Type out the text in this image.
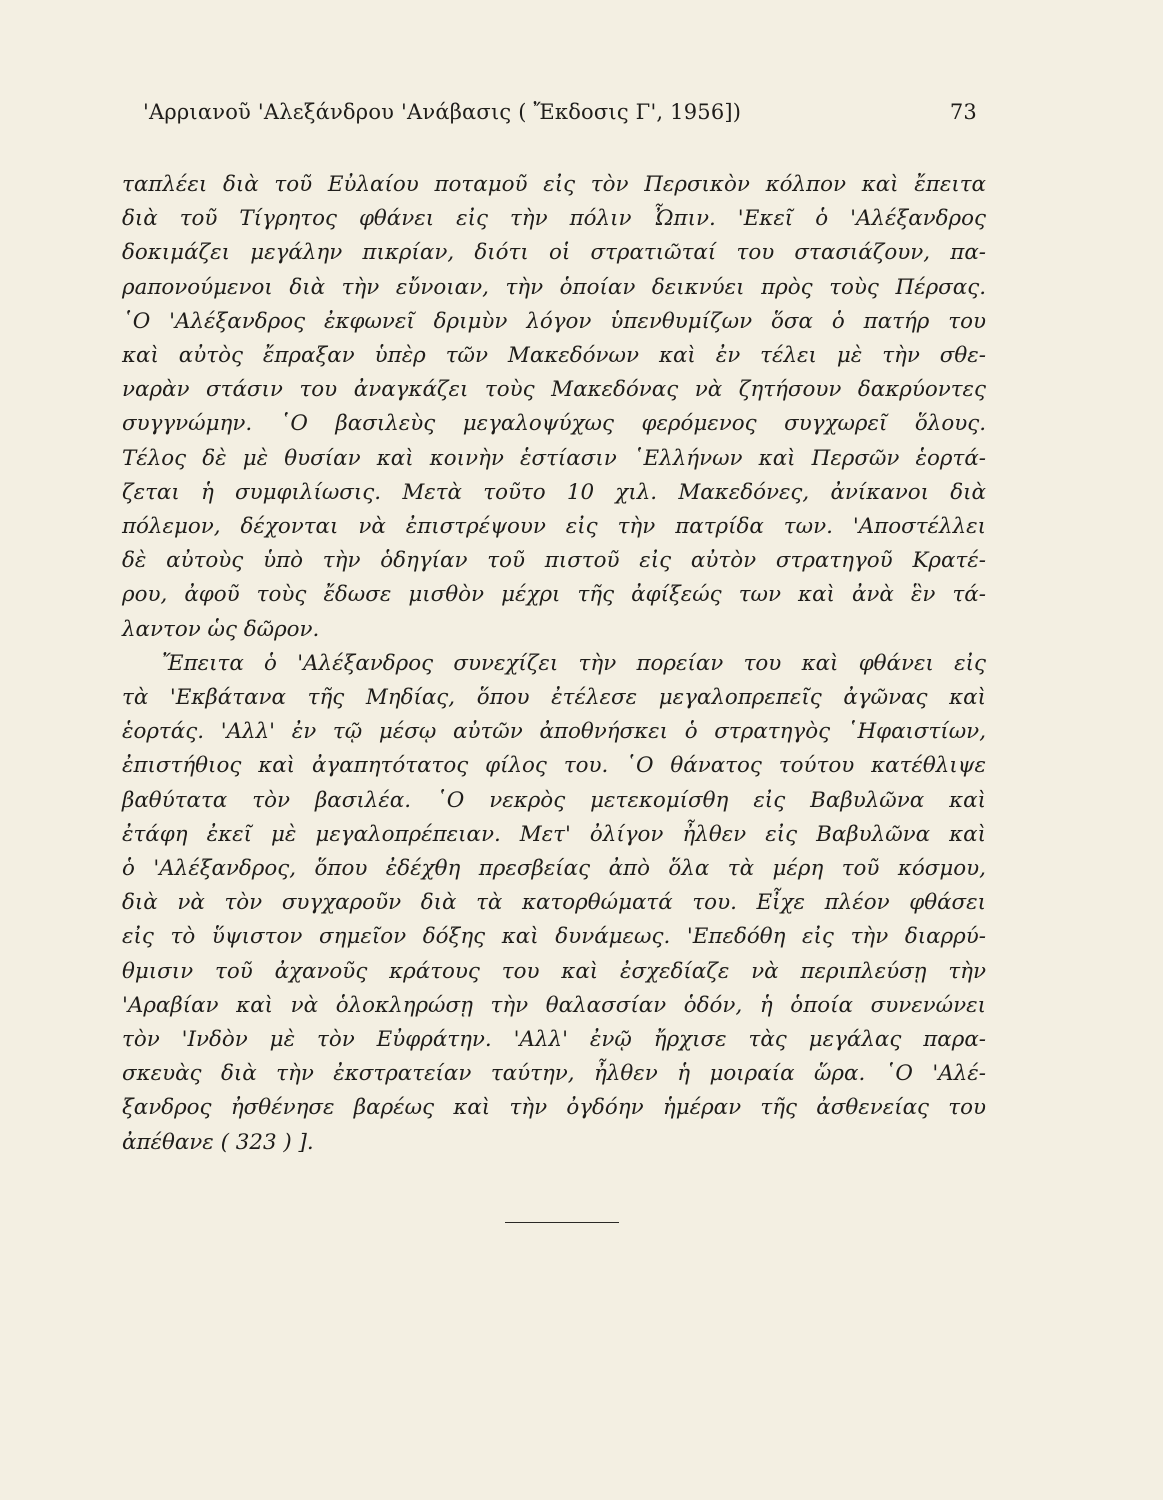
'Αρριανοῦ 'Αλεξάνδρου 'Ανάβασις ( Ἔκδοσις Γ', 1956])	73
ταπλέει διὰ τοῦ Εὐλαίου ποταμοῦ εἰς τὸν Περσικὸν κόλπον καὶ ἔπειτα
διὰ τοῦ Τίγρητος φθάνει εἰς τὴν πόλιν Ὦπιν. 'Εκεῖ ὁ 'Αλέξανδρος
δοκιμάζει μεγάλην πικρίαν, διότι οἱ στρατιῶταί του στασιάζουν, πα-
ρaπονούμενοι διὰ τὴν εὔνοιαν, τὴν ὁποίαν δεικνύει πρὸς τοὺς Πέρσας.
῾Ο 'Αλέξανδρος ἐκφωνεῖ δριμὺν λόγον ὑπενθυμίζων ὅσα ὁ πατήρ του
καὶ αὐτὸς ἔπραξαν ὑπὲρ τῶν Μακεδόνων καὶ ἐν τέλει μὲ τὴν σθε-
ναρὰν στάσιν του ἀναγκάζει τοὺς Μακεδόνας νὰ ζητήσουν δακρύοντες
συγγνώμην. ῾Ο βασιλεὺς μεγαλοψύχως φερόμενος συγχωρεῖ ὅλους.
Τέλος δὲ μὲ θυσίαν καὶ κοινὴν ἑστίασιν ῾Ελλήνων καὶ Περσῶν ἑορτά-
ζεται ἡ συμφιλίωσις. Μετὰ τοῦτο 10 χιλ. Μακεδόνες, ἀνίκανοι διὰ
πόλεμον, δέχονται νὰ ἐπιστρέψουν εἰς τὴν πατρίδα των. 'Αποστέλλει
δὲ αὐτοὺς ὑπὸ τὴν ὁδηγίαν τοῦ πιστοῦ εἰς αὐτὸν στρατηγοῦ Κρατέ-
ρου, ἀφοῦ τοὺς ἔδωσε μισθὸν μέχρι τῆς ἀφίξεώς των καὶ ἀνὰ ἓν τά-
λαντον ὡς δῶρον.
Ἔπειτα ὁ 'Αλέξανδρος συνεχίζει τὴν πορείαν του καὶ φθάνει εἰς
τὰ 'Εκβάτανα τῆς Μηδίας, ὅπου ἐτέλεσε μεγαλοπρεπεῖς ἀγῶνας καὶ
ἑορτάς. 'Αλλ' ἐν τῷ μέσῳ αὐτῶν ἀποθνήσκει ὁ στρατηγὸς ῾Ηφαιστίων,
ἐπιστήθιος καὶ ἀγαπητότατος φίλος του. ῾Ο θάνατος τούτου κατέθλιψε
βαθύτατα τὸν βασιλέα. ῾Ο νεκρὸς μετεκομίσθη εἰς Βαβυλῶνα καὶ
ἐτάφη ἐκεῖ μὲ μεγαλοπρέπειαν. Μετ' ὀλίγον ἦλθεν εἰς Βαβυλῶνα καὶ
ὁ 'Αλέξανδρος, ὅπου ἐδέχθη πρεσβείας ἀπὸ ὅλα τὰ μέρη τοῦ κόσμου,
διὰ νὰ τὸν συγχαροῦν διὰ τὰ κατορθώματά του. Εἶχε πλέον φθάσει
εἰς τὸ ὕψιστον σημεῖον δόξης καὶ δυνάμεως. 'Επεδόθη εἰς τὴν διαρρύ-
θμισιν τοῦ ἀχανοῦς κράτους του καὶ ἐσχεδίαζε νὰ περιπλεύσῃ τὴν
'Αραβίαν καὶ νὰ ὁλοκληρώσῃ τὴν θαλασσίαν ὁδόν, ἡ ὁποία συνενώνει
τὸν 'Ινδὸν μὲ τὸν Εὐφράτην. 'Αλλ' ἐνῷ ἤρχισε τὰς μεγάλας παρα-
σκευὰς διὰ τὴν ἐκστρατείαν ταύτην, ἦλθεν ἡ μοιραία ὥρα. ῾Ο 'Αλέ-
ξανδρος ἠσθένησε βαρέως καὶ τὴν ὀγδόην ἡμέραν τῆς ἀσθενείας του
ἀπέθανε ( 323 ) ].
